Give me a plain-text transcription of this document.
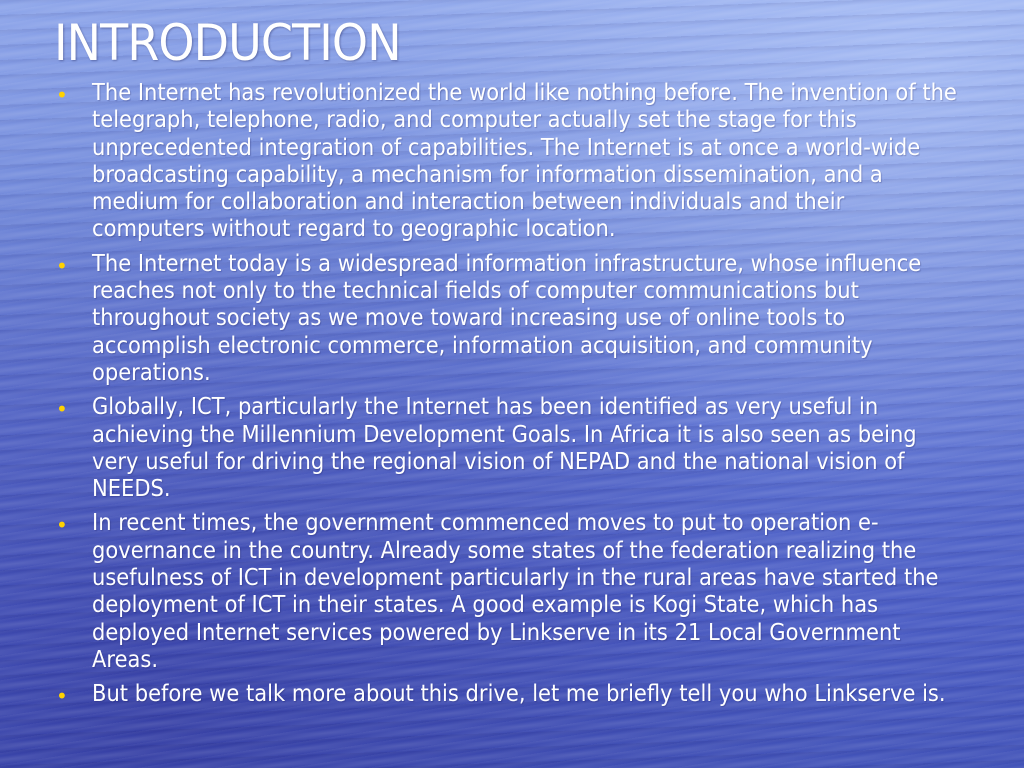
INTRODUCTION
• The Internet has revolutionized the world like nothing before. The invention of the telegraph, telephone, radio, and computer actually set the stage for this unprecedented integration of capabilities. The Internet is at once a world-wide broadcasting capability, a mechanism for information dissemination, and a medium for collaboration and interaction between individuals and their computers without regard to geographic location.
• The Internet today is a widespread information infrastructure, whose influence reaches not only to the technical fields of computer communications but throughout society as we move toward increasing use of online tools to accomplish electronic commerce, information acquisition, and community operations.
• Globally, ICT, particularly the Internet has been identified as very useful in achieving the Millennium Development Goals. In Africa it is also seen as being very useful for driving the regional vision of NEPAD and the national vision of NEEDS.
• In recent times, the government commenced moves to put to operation e-governance in the country. Already some states of the federation realizing the usefulness of ICT in development particularly in the rural areas have started the deployment of ICT in their states. A good example is Kogi State, which has deployed Internet services powered by Linkserve in its 21 Local Government Areas.
• But before we talk more about this drive, let me briefly tell you who Linkserve is.
